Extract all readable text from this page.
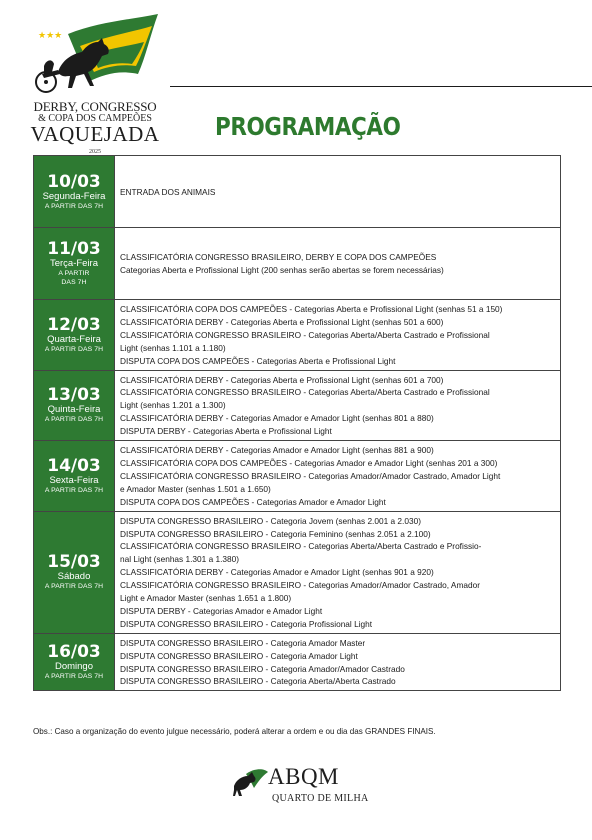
★★★
DERBY, CONGRESSO
& COPA DOS CAMPEÕES
VAQUEJADA
2025
PROGRAMAÇÃO
10/03
Segunda-Feira
A PARTIR DAS 7H
ENTRADA DOS ANIMAIS
11/03
Terça-Feira
A PARTIR
DAS 7H
CLASSIFICATÓRIA CONGRESSO BRASILEIRO, DERBY E COPA DOS CAMPEÕES
Categorias Aberta e Profissional Light (200 senhas serão abertas se forem necessárias)
12/03
Quarta-Feira
A PARTIR DAS 7H
CLASSIFICATÓRIA COPA DOS CAMPEÕES - Categorias Aberta e Profissional Light (senhas 51 a 150)
CLASSIFICATÓRIA DERBY - Categorias Aberta e Profissional Light (senhas 501 a 600)
CLASSIFICATÓRIA CONGRESSO BRASILEIRO - Categorias Aberta/Aberta Castrado e Profissional
Light (senhas 1.101 a 1.180)
DISPUTA COPA DOS CAMPEÕES - Categorias Aberta e Profissional Light
13/03
Quinta-Feira
A PARTIR DAS 7H
CLASSIFICATÓRIA DERBY - Categorias Aberta e Profissional Light (senhas 601 a 700)
CLASSIFICATÓRIA CONGRESSO BRASILEIRO - Categorias Aberta/Aberta Castrado e Profissional
Light (senhas 1.201 a 1.300)
CLASSIFICATÓRIA DERBY - Categorias Amador e Amador Light (senhas 801 a 880)
DISPUTA DERBY - Categorias Aberta e Profissional Light
14/03
Sexta-Feira
A PARTIR DAS 7H
CLASSIFICATÓRIA DERBY - Categorias Amador e Amador Light (senhas 881 a 900)
CLASSIFICATÓRIA COPA DOS CAMPEÕES - Categorias Amador e Amador Light (senhas 201 a 300)
CLASSIFICATÓRIA CONGRESSO BRASILEIRO - Categorias Amador/Amador Castrado, Amador Light
e Amador Master (senhas 1.501 a 1.650)
DISPUTA COPA DOS CAMPEÕES - Categorias Amador e Amador Light
15/03
Sábado
A PARTIR DAS 7H
DISPUTA CONGRESSO BRASILEIRO - Categoria Jovem (senhas 2.001 a 2.030)
DISPUTA CONGRESSO BRASILEIRO - Categoria Feminino (senhas 2.051 a 2.100)
CLASSIFICATÓRIA CONGRESSO BRASILEIRO - Categorias Aberta/Aberta Castrado e Profissio-
nal Light (senhas 1.301 a 1.380)
CLASSIFICATÓRIA DERBY - Categorias Amador e Amador Light (senhas 901 a 920)
CLASSIFICATÓRIA CONGRESSO BRASILEIRO - Categorias Amador/Amador Castrado, Amador
Light e Amador Master (senhas 1.651 a 1.800)
DISPUTA DERBY - Categorias Amador e Amador Light
DISPUTA CONGRESSO BRASILEIRO - Categoria Profissional Light
16/03
Domingo
A PARTIR DAS 7H
DISPUTA CONGRESSO BRASILEIRO - Categoria Amador Master
DISPUTA CONGRESSO BRASILEIRO - Categoria Amador Light
DISPUTA CONGRESSO BRASILEIRO - Categoria Amador/Amador Castrado
DISPUTA CONGRESSO BRASILEIRO - Categoria Aberta/Aberta Castrado
Obs.: Caso a organização do evento julgue necessário, poderá alterar a ordem e ou dia das GRANDES FINAIS.
ABQM
QUARTO DE MILHA
